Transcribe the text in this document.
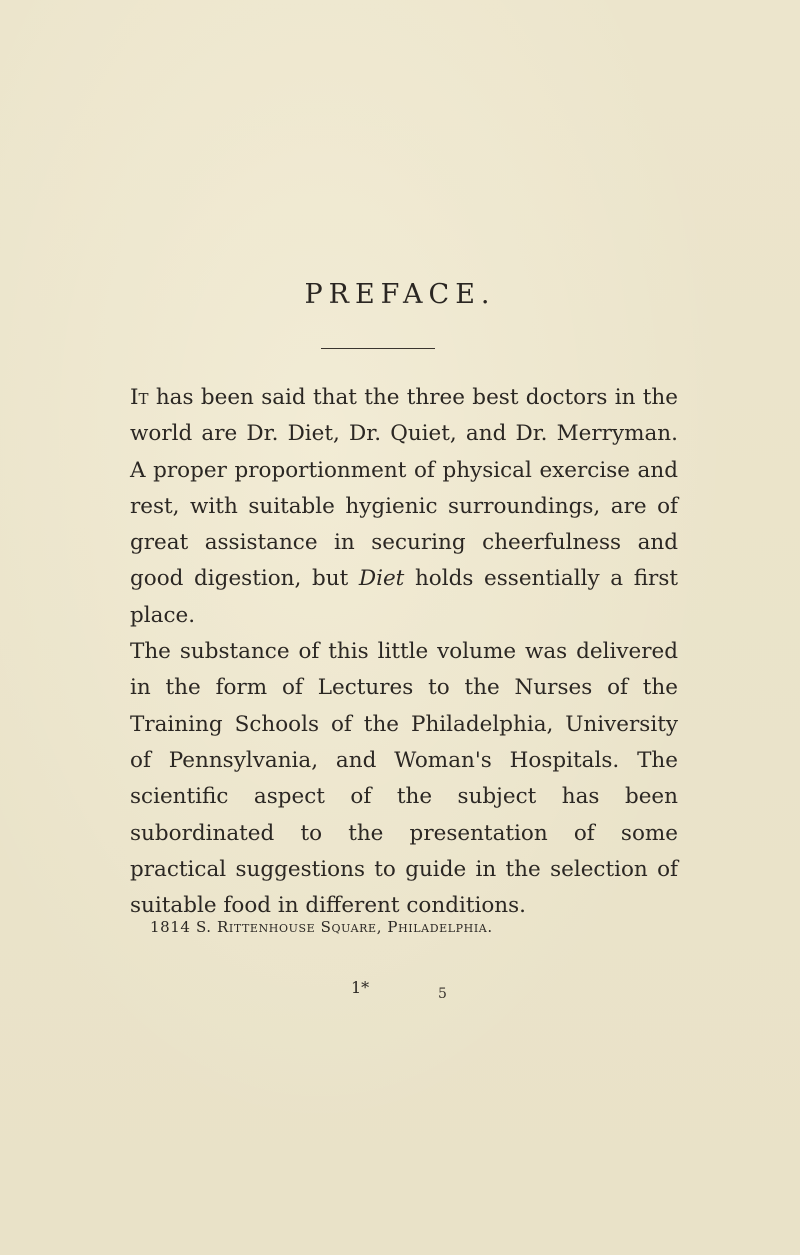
PREFACE.

It has been said that the three best doctors in the world are Dr. Diet, Dr. Quiet, and Dr. Merryman. A proper proportionment of physical exercise and rest, with suitable hygienic surroundings, are of great assistance in securing cheerfulness and good digestion, but Diet holds essentially a first place.

The substance of this little volume was delivered in the form of Lectures to the Nurses of the Training Schools of the Philadelphia, University of Pennsylvania, and Woman's Hospitals. The scientific aspect of the subject has been subordinated to the presentation of some practical suggestions to guide in the selection of suitable food in different conditions.

1814 S. Rittenhouse Square, Philadelphia.
1*	5
